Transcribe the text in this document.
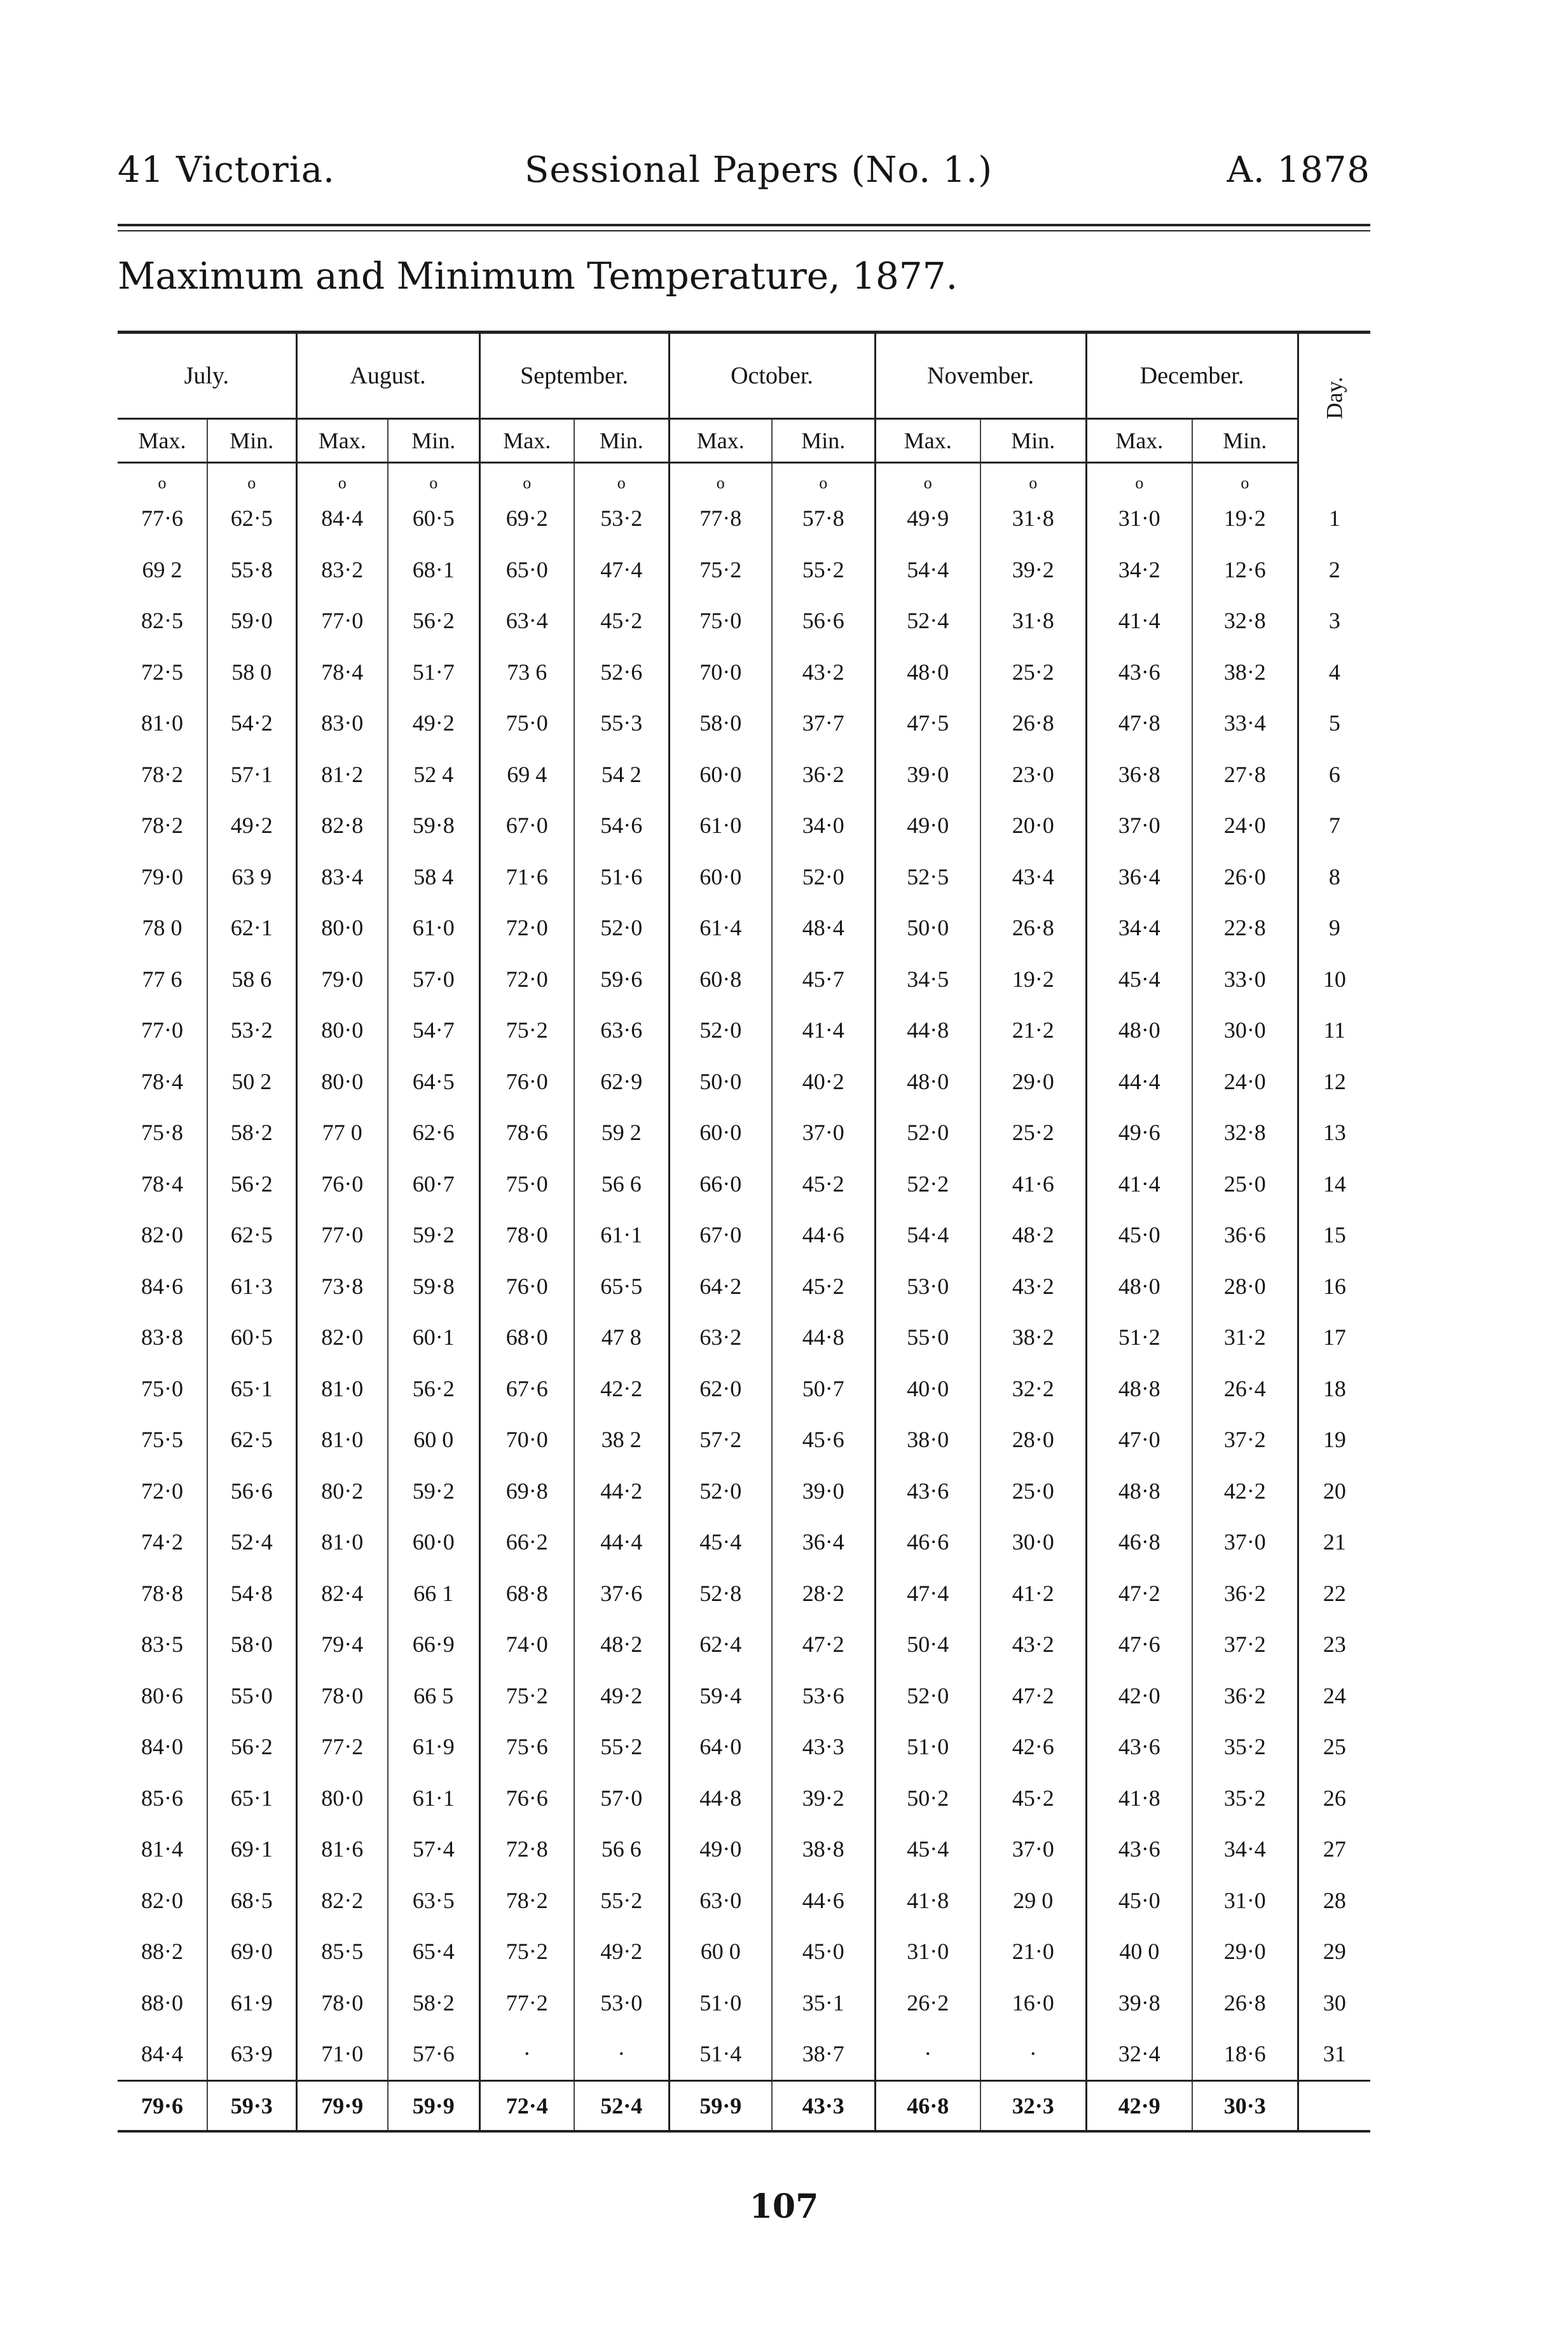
41 Victoria.	Sessional Papers (No. 1.)	A. 1878
Maximum and Minimum Temperature, 1877.
July.		August.		September.		October.		November.		December.		Day.
Max.	Min.	Max.	Min.	Max.	Min.	Max.	Min.	Max.	Min.	Max.	Min.	
o	o	o	o	o	o	o	o	o	o	o	o	
77·6	62·5	84·4	60·5	69·2	53·2	77·8	57·8	49·9	31·8	31·0	19·2	1
69 2	55·8	83·2	68·1	65·0	47·4	75·2	55·2	54·4	39·2	34·2	12·6	2
82·5	59·0	77·0	56·2	63·4	45·2	75·0	56·6	52·4	31·8	41·4	32·8	3
72·5	58 0	78·4	51·7	73 6	52·6	70·0	43·2	48·0	25·2	43·6	38·2	4
81·0	54·2	83·0	49·2	75·0	55·3	58·0	37·7	47·5	26·8	47·8	33·4	5
78·2	57·1	81·2	52 4	69 4	54 2	60·0	36·2	39·0	23·0	36·8	27·8	6
78·2	49·2	82·8	59·8	67·0	54·6	61·0	34·0	49·0	20·0	37·0	24·0	7
79·0	63 9	83·4	58 4	71·6	51·6	60·0	52·0	52·5	43·4	36·4	26·0	8
78 0	62·1	80·0	61·0	72·0	52·0	61·4	48·4	50·0	26·8	34·4	22·8	9
77 6	58 6	79·0	57·0	72·0	59·6	60·8	45·7	34·5	19·2	45·4	33·0	10
77·0	53·2	80·0	54·7	75·2	63·6	52·0	41·4	44·8	21·2	48·0	30·0	11
78·4	50 2	80·0	64·5	76·0	62·9	50·0	40·2	48·0	29·0	44·4	24·0	12
75·8	58·2	77 0	62·6	78·6	59 2	60·0	37·0	52·0	25·2	49·6	32·8	13
78·4	56·2	76·0	60·7	75·0	56 6	66·0	45·2	52·2	41·6	41·4	25·0	14
82·0	62·5	77·0	59·2	78·0	61·1	67·0	44·6	54·4	48·2	45·0	36·6	15
84·6	61·3	73·8	59·8	76·0	65·5	64·2	45·2	53·0	43·2	48·0	28·0	16
83·8	60·5	82·0	60·1	68·0	47 8	63·2	44·8	55·0	38·2	51·2	31·2	17
75·0	65·1	81·0	56·2	67·6	42·2	62·0	50·7	40·0	32·2	48·8	26·4	18
75·5	62·5	81·0	60 0	70·0	38 2	57·2	45·6	38·0	28·0	47·0	37·2	19
72·0	56·6	80·2	59·2	69·8	44·2	52·0	39·0	43·6	25·0	48·8	42·2	20
74·2	52·4	81·0	60·0	66·2	44·4	45·4	36·4	46·6	30·0	46·8	37·0	21
78·8	54·8	82·4	66 1	68·8	37·6	52·8	28·2	47·4	41·2	47·2	36·2	22
83·5	58·0	79·4	66·9	74·0	48·2	62·4	47·2	50·4	43·2	47·6	37·2	23
80·6	55·0	78·0	66 5	75·2	49·2	59·4	53·6	52·0	47·2	42·0	36·2	24
84·0	56·2	77·2	61·9	75·6	55·2	64·0	43·3	51·0	42·6	43·6	35·2	25
85·6	65·1	80·0	61·1	76·6	57·0	44·8	39·2	50·2	45·2	41·8	35·2	26
81·4	69·1	81·6	57·4	72·8	56 6	49·0	38·8	45·4	37·0	43·6	34·4	27
82·0	68·5	82·2	63·5	78·2	55·2	63·0	44·6	41·8	29 0	45·0	31·0	28
88·2	69·0	85·5	65·4	75·2	49·2	60 0	45·0	31·0	21·0	40 0	29·0	29
88·0	61·9	78·0	58·2	77·2	53·0	51·0	35·1	26·2	16·0	39·8	26·8	30
84·4	63·9	71·0	57·6	·	·	51·4	38·7	·	·	32·4	18·6	31
79·6	59·3	79·9	59·9	72·4	52·4	59·9	43·3	46·8	32·3	42·9	30·3	
107
